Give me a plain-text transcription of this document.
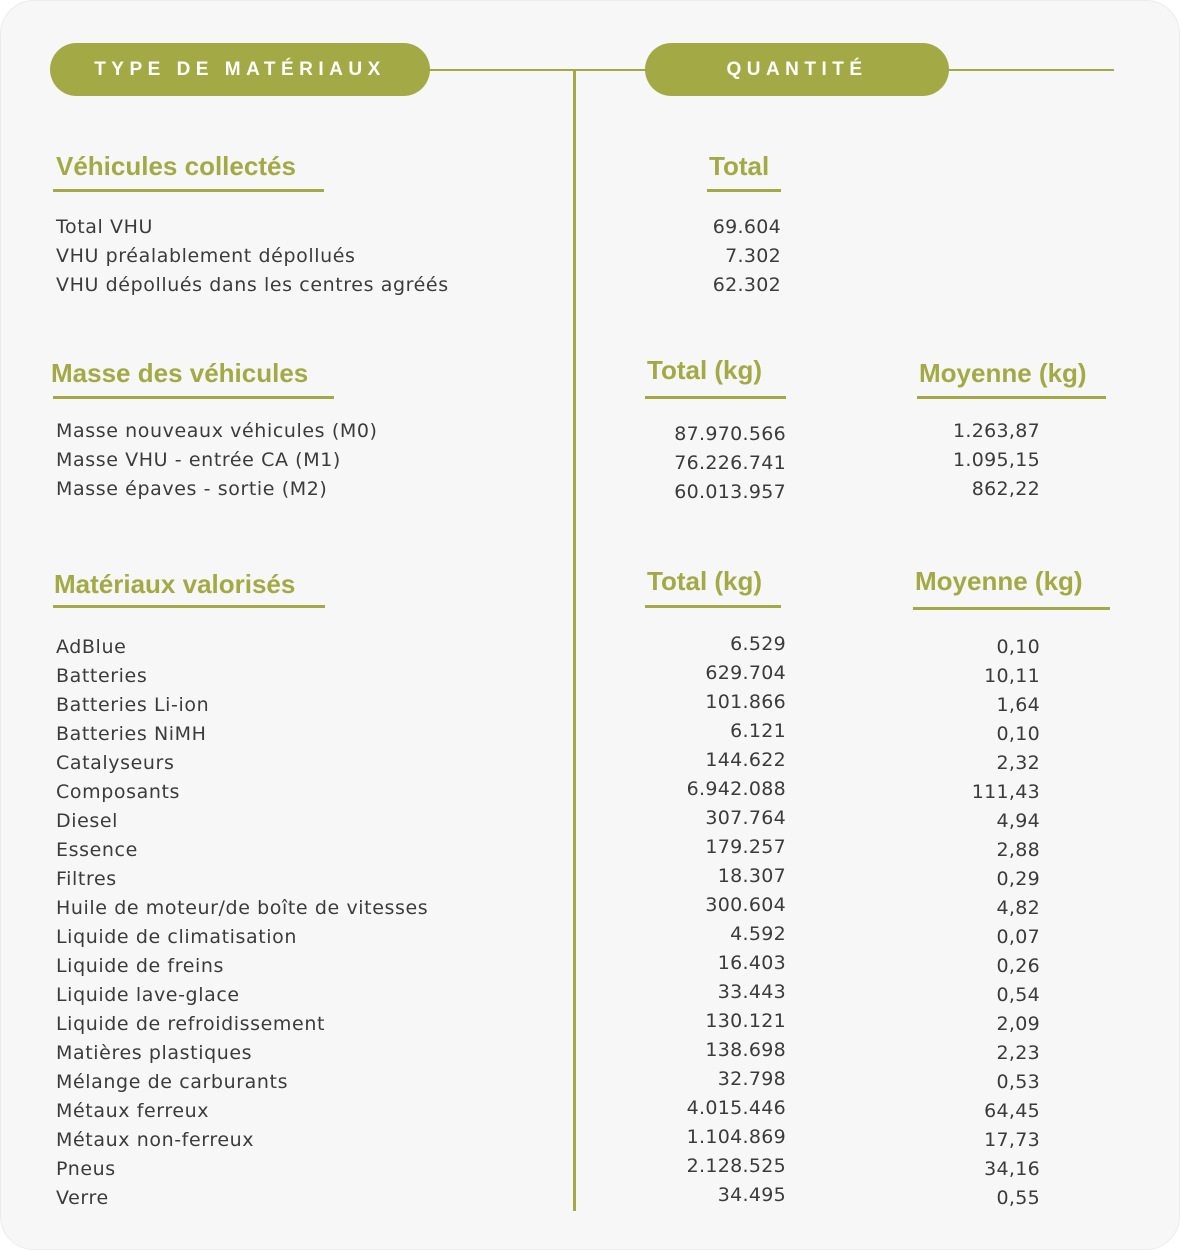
TYPE DE MATÉRIAUX	QUANTITÉ
Véhicules collectés	Total
Total VHU	69.604
VHU préalablement dépollués	7.302
VHU dépollués dans les centres agréés	62.302
Masse des véhicules	Total (kg)	Moyenne (kg)
Masse nouveaux véhicules (M0)	87.970.566	1.263,87
Masse VHU - entrée CA (M1)	76.226.741	1.095,15
Masse épaves - sortie (M2)	60.013.957	862,22
Matériaux valorisés	Total (kg)	Moyenne (kg)
AdBlue	6.529	0,10
Batteries	629.704	10,11
Batteries Li-ion	101.866	1,64
Batteries NiMH	6.121	0,10
Catalyseurs	144.622	2,32
Composants	6.942.088	111,43
Diesel	307.764	4,94
Essence	179.257	2,88
Filtres	18.307	0,29
Huile de moteur/de boîte de vitesses	300.604	4,82
Liquide de climatisation	4.592	0,07
Liquide de freins	16.403	0,26
Liquide lave-glace	33.443	0,54
Liquide de refroidissement	130.121	2,09
Matières plastiques	138.698	2,23
Mélange de carburants	32.798	0,53
Métaux ferreux	4.015.446	64,45
Métaux non-ferreux	1.104.869	17,73
Pneus	2.128.525	34,16
Verre	34.495	0,55
